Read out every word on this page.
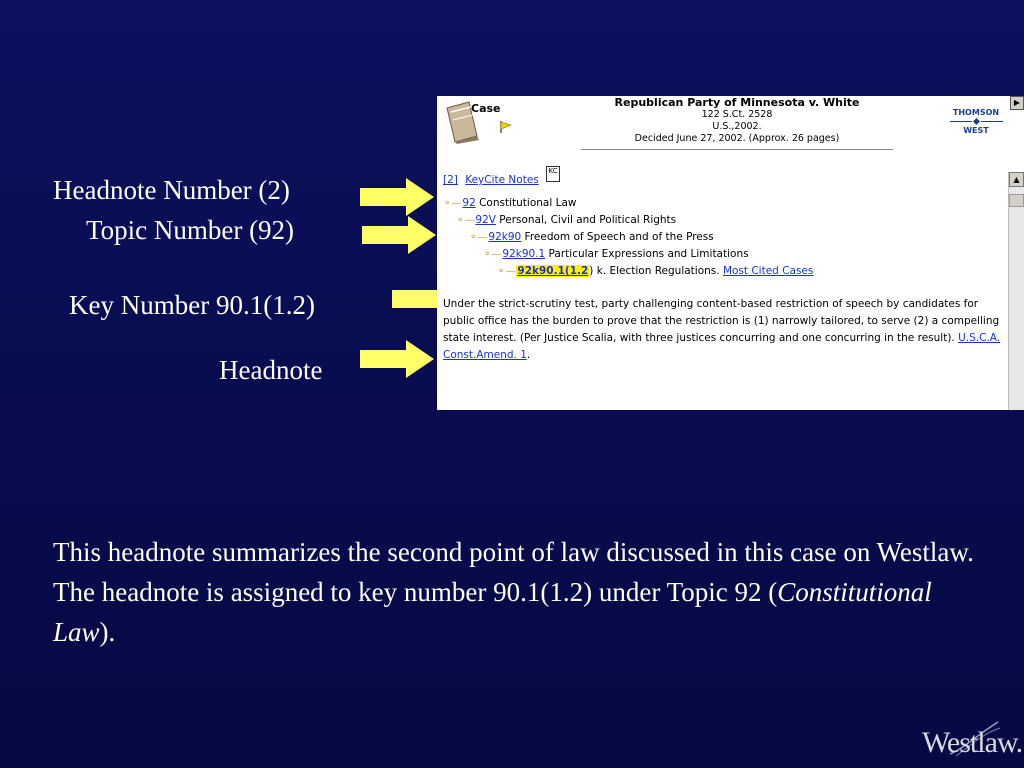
Headnote Number (2)
Topic Number (92)
Key Number 90.1(1.2)
Headnote
Case	Republican Party of Minnesota v. White
122 S.Ct. 2528
U.S.,2002.
Decided June 27, 2002. (Approx. 26 pages)
THOMSON
WEST
▶
▲
[2] KeyCite Notes KC
⚬—92 Constitutional Law
⚬—92V Personal, Civil and Political Rights
⚬—92k90 Freedom of Speech and of the Press
⚬—92k90.1 Particular Expressions and Limitations
⚬— 92k90.1(1.2) k. Election Regulations. Most Cited Cases
Under the strict-scrutiny test, party challenging content-based restriction of speech by candidates for public office has the burden to prove that the restriction is (1) narrowly tailored, to serve (2) a compelling state interest. (Per Justice Scalia, with three justices concurring and one concurring in the result). U.S.C.A. Const.Amend. 1.
This headnote summarizes the second point of law discussed in this case on Westlaw. The headnote is assigned to key number 90.1(1.2) under Topic 92 (Constitutional Law).
Westlaw.
